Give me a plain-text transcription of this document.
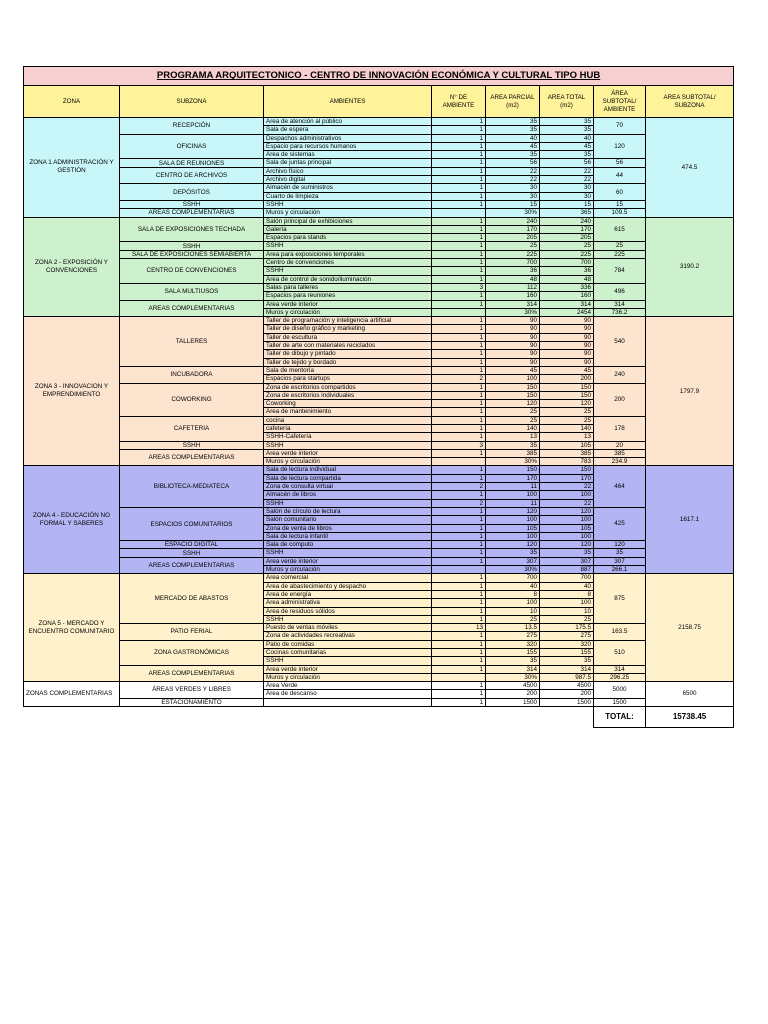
PROGRAMA ARQUITECTONICO - CENTRO DE INNOVACIÓN ECONÓMICA Y CULTURAL TIPO HUB							
ZONA	SUBZONA	AMBIENTES	N° DE AMBIENTE	AREA PARCIAL (m2)	AREA TOTAL (m2)	ÁREA SUBTOTAL/ AMBIENTE	AREA SUBTOTAL/ SUBZONA
ZONA 1 ADMINISTRACIÓN Y GESTIÓN	RECEPCIÓN	Área de atención al público	1	35	35	70	474.5
		Sala de espera	1	35	35		
	OFICINAS	Despachos administrativos	1	40	40	120	
		Espacio para recursos humanos	1	45	45		
		Área de sistemas	1	35	35		
	SALA DE REUNIONES	Sala de juntas principal	1	56	56	56	
	CENTRO DE ARCHIVOS	Archivo físico	1	22	22	44	
		Archivo digital	1	22	22		
	DEPÓSITOS	Almacén de suministros	1	30	30	60	
		Cuarto de limpieza	1	30	30		
	SSHH	SSHH	1	15	15	15	
	AREAS COMPLEMENTARIAS	Muros y circulación		30%	365	109.5	
ZONA 2 - EXPOSICIÓN Y CONVENCIONES	SALA DE EXPOSICIONES TECHADA	Salón principal de exhibiciones	1	240	240	615	3190.2
		Galería	1	170	170		
		Espacios para stands	1	205	205		
	SSHH	SSHH	1	25	25	25	
	SALA DE EXPOSICIONES SEMIABIERTA	Área para exposiciones temporales	1	225	225	225	
	CENTRO DE CONVENCIONES	Centro de convenciones	1	700	700	784	
		SSHH	1	36	36		
		Área de control de sonido/iluminación	1	48	48		
	SALA MULTIUSOS	Salas para talleres	3	112	336	496	
		Espacios para reuniones	1	160	160		
	AREAS COMPLEMENTARIAS	Área verde interior	1	314	314	314	
		Muros y circulación		30%	2454	736.2	
ZONA 3 - INNOVACION Y EMPRENDIMIENTO	TALLERES	Taller de programación y inteligencia artificial	1	90	90	540	1797.9
		Taller de diseño gráfico y marketing	1	90	90		
		Taller de escultura	1	90	90		
		Taller de arte con materiales reciclados	1	90	90		
		Taller de dibujo y pintado	1	90	90		
		Taller de tejido y bordado	1	90	90		
	INCUBADORA	Sala de mentoría	1	45	45	240	
		Espacios para startups	2	100	200		
	COWORKING	Zona de escritorios compartidos	1	150	150	200	
		Zona de escritorios individuales	1	150	150		
		Coworking	1	120	120		
		Área de mantenimiento	1	25	25		
	CAFETERIA	cocina	1	25	25	178	
		cafetería	1	140	140		
		SSHH-Cafetería	1	13	13		
	SSHH	SSHH	3	35	105	20	
	AREAS COMPLEMENTARIAS	Área verde interior	1	385	385	385	
		Muros y circulación		30%	783	234.9	
ZONA 4 - EDUCACIÓN NO FORMAL Y SABERES	BIBLIOTECA-MEDIATECA	Sala de lectura individual	1	150	150	464	1617.1
		Sala de lectura compartida	1	170	170		
		Zona de consulta virtual	2	11	22		
		Almacén de libros	1	100	100		
		SSHH	2	11	22		
	ESPACIOS COMUNITARIOS	Salón de círculo de lectura	1	120	120	425	
		Salón comunitario	1	100	100		
		Zona de venta de libros	1	105	105		
		Sala de lectura infantil	1	100	100		
	ESPACIO DIGITAL	Sala de computo	1	120	120	120	
	SSHH	SSHH	1	35	35	35	
	AREAS COMPLEMENTARIAS	Área verde interior	1	307	307	307	
		Muros y circulación		30%	887	266.1	
ZONA 5 - MERCADO Y ENCUENTRO COMUNITARIO	MERCADO DE ABASTOS	Área comercial	1	700	700	875	2158.75
		Área de abastecimiento y despacho	1	40	40		
		Área de energía	1	8	8		
		Área administrativa	1	100	100		
		Área de residuos sólidos	1	10	10		
		SSHH	1	25	25		
	PATIO FERIAL	Puesto de ventas móviles	13	13.5	175.5	163.5	
		Zona de actividades recreativas	1	275	275		
	ZONA GASTRONÓMICAS	Patio de comidas	1	320	320	510	
		Cocinas comunitarias	1	155	155		
		SSHH	1	35	35		
	AREAS COMPLEMENTARIAS	Área verde interior	1	314	314	314	
		Muros y circulación		30%	987.5	296.25	
ZONAS COMPLEMENTARIAS	ÁREAS VERDES Y LIBRES	Área Verde	1	4500	4500	5000	6500
		Área de descanso	1	200	200		
	ESTACIONAMIENTO		1	1500	1500	1500	
						TOTAL:	15738.45
